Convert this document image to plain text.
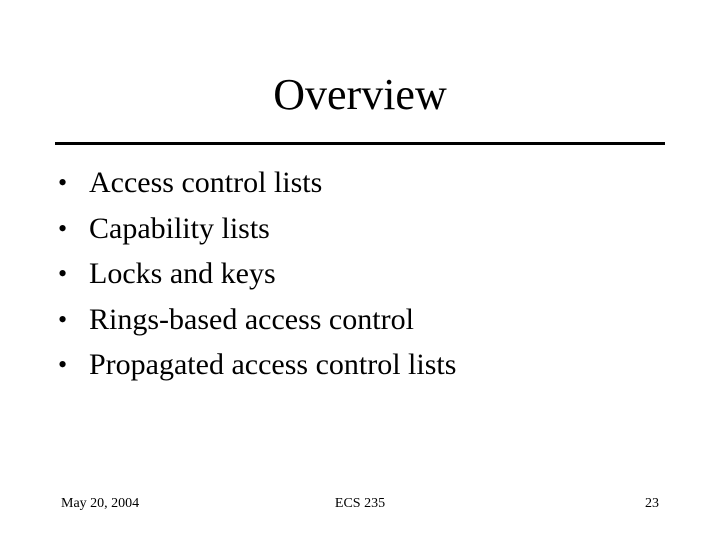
Overview
• Access control lists
• Capability lists
• Locks and keys
• Rings-based access control
• Propagated access control lists
May 20, 2004	ECS 235	23
